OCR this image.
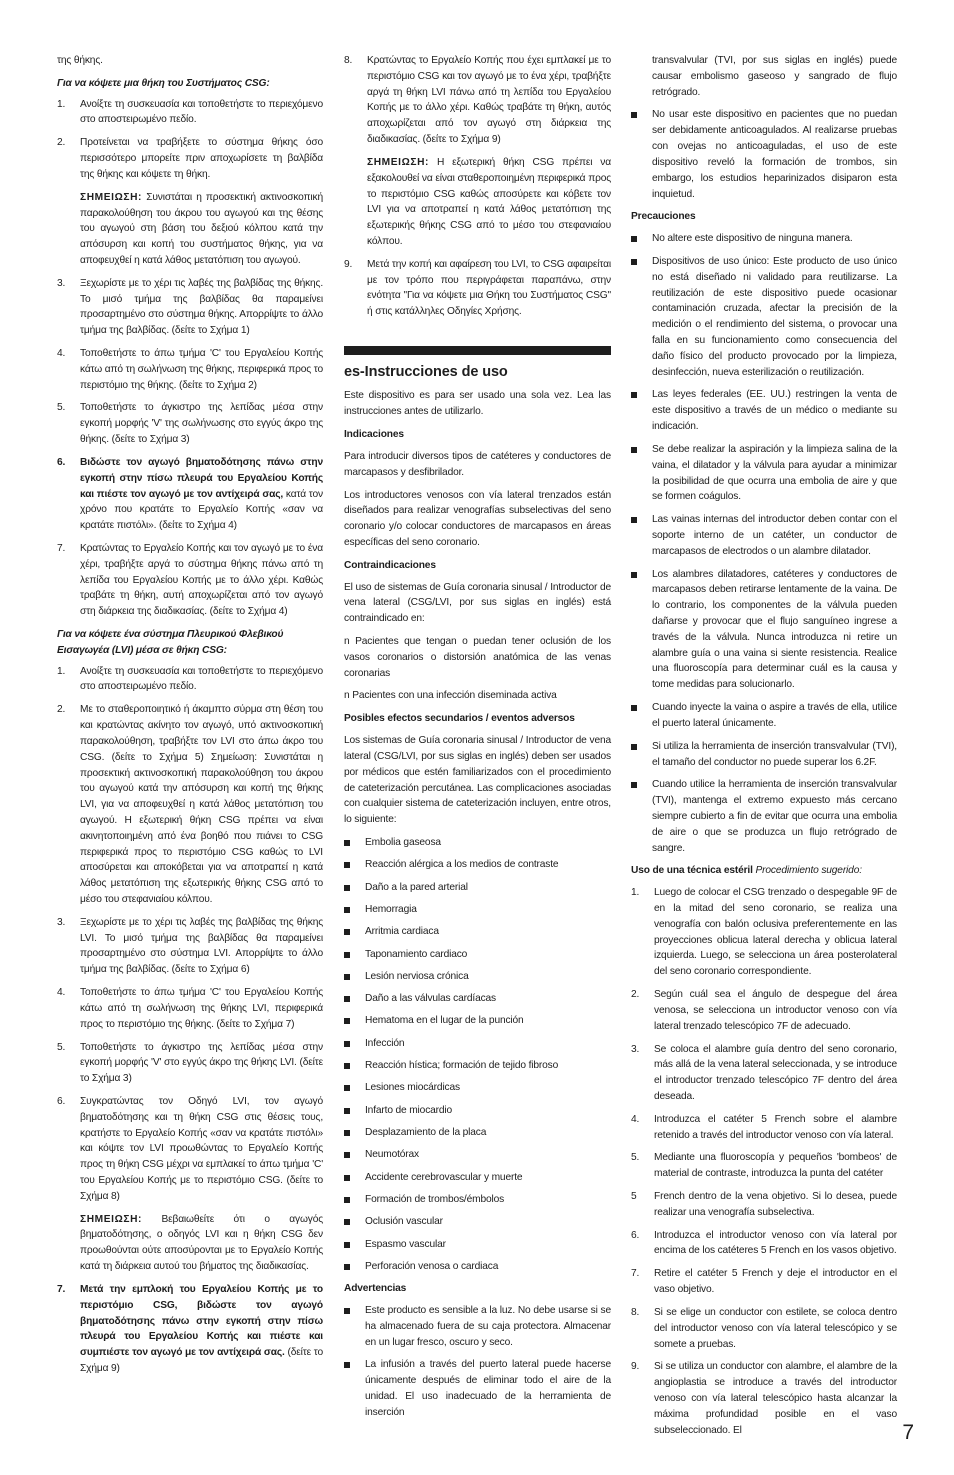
της θήκης.

Για να κόψετε μια θήκη του Συστήματος CSG:

1. Ανοίξτε τη συσκευασία και τοποθετήστε το περιεχόμενο στο αποστειρωμένο πεδίο.
2. Προτείνεται να τραβήξετε το σύστημα θήκης όσο περισσότερο μπορείτε πριν αποχωρίσετε τη βαλβίδα της θήκης και κόψετε τη θήκη.
ΣΗΜΕΙΩΣΗ: Συνιστάται η προσεκτική ακτινοσκοπική παρακολούθηση του άκρου του αγωγού και της θέσης του αγωγού στη βάση του δεξιού κόλπου κατά την απόσυρση και κοπή του συστήματος θήκης, για να αποφευχθεί η κατά λάθος μετατόπιση του αγωγού.
3. Ξεχωρίστε με το χέρι τις λαβές της βαλβίδας της θήκης. Το μισό τμήμα της βαλβίδας θα παραμείνει προσαρτημένο στο σύστημα θήκης. Απορρίψτε το άλλο τμήμα της βαλβίδας. (δείτε το Σχήμα 1)
4. Τοποθετήστε το άπω τμήμα 'C' του Εργαλείου Κοπής κάτω από τη σωλήνωση της θήκης, περιφερικά προς το περιστόμιο της θήκης. (δείτε το Σχήμα 2)
5. Τοποθετήστε το άγκιστρο της λεπίδας μέσα στην εγκοπή μορφής 'V' της σωλήνωσης στο εγγύς άκρο της θήκης. (δείτε το Σχήμα 3)
6. Βιδώστε τον αγωγό βηματοδότησης πάνω στην εγκοπή στην πίσω πλευρά του Εργαλείου Κοπής και πιέστε τον αγωγό με τον αντίχειρά σας, κατά τον χρόνο που κρατάτε το Εργαλείο Κοπής «σαν να κρατάτε πιστόλι». (δείτε το Σχήμα 4)
7. Κρατώντας το Εργαλείο Κοπής και τον αγωγό με το ένα χέρι, τραβήξτε αργά το σύστημα θήκης πάνω από τη λεπίδα του Εργαλείου Κοπής με το άλλο χέρι. Καθώς τραβάτε τη θήκη, αυτή αποχωρίζεται από τον αγωγό στη διάρκεια της διαδικασίας. (δείτε το Σχήμα 4)

Για να κόψετε ένα σύστημα Πλευρικού Φλεβικού Εισαγωγέα (LVI) μέσα σε θήκη CSG:

1. Ανοίξτε τη συσκευασία και τοποθετήστε το περιεχόμενο στο αποστειρωμένο πεδίο.
2. Με το σταθεροποιητικό ή άκαμπτο σύρμα στη θέση του και κρατώντας ακίνητο τον αγωγό, υπό ακτινοσκοπική παρακολούθηση, τραβήξτε τον LVI στο άπω άκρο του CSG. (δείτε το Σχήμα 5) Σημείωση: Συνιστάται η προσεκτική ακτινοσκοπική παρακολούθηση του άκρου του αγωγού κατά την απόσυρση και κοπή της θήκης LVI, για να αποφευχθεί η κατά λάθος μετατόπιση του αγωγού. Η εξωτερική θήκη CSG πρέπει να είναι ακινητοποιημένη από ένα βοηθό που πιάνει το CSG περιφερικά προς το περιστόμιο CSG καθώς το LVI αποσύρεται και αποκόβεται για να αποτραπεί η κατά λάθος μετατόπιση της εξωτερικής θήκης CSG από το μέσο του στεφανιαίου κόλπου.
3. Ξεχωρίστε με το χέρι τις λαβές της βαλβίδας της θήκης LVI. Το μισό τμήμα της βαλβίδας θα παραμείνει προσαρτημένο στο σύστημα LVI. Απορρίψτε το άλλο τμήμα της βαλβίδας. (δείτε το Σχήμα 6)
4. Τοποθετήστε το άπω τμήμα 'C' του Εργαλείου Κοπής κάτω από τη σωλήνωση της θήκης LVI, περιφερικά προς το περιστόμιο της θήκης. (δείτε το Σχήμα 7)
5. Τοποθετήστε το άγκιστρο της λεπίδας μέσα στην εγκοπή μορφής 'V' στο εγγύς άκρο της θήκης LVI. (δείτε το Σχήμα 3)
6. Συγκρατώντας τον Οδηγό LVI, τον αγωγό βηματοδότησης και τη θήκη CSG στις θέσεις τους, κρατήστε το Εργαλείο Κοπής «σαν να κρατάτε πιστόλι» και κόψτε τον LVI προωθώντας το Εργαλείο Κοπής προς τη θήκη CSG μέχρι να εμπλακεί το άπω τμήμα 'C' του Εργαλείου Κοπής με το περιστόμιο CSG. (δείτε το Σχήμα 8)
ΣΗΜΕΙΩΣΗ: Βεβαιωθείτε ότι ο αγωγός βηματοδότησης, ο οδηγός LVI και η θήκη CSG δεν προωθούνται ούτε αποσύρονται με το Εργαλείο Κοπής κατά τη διάρκεια αυτού του βήματος της διαδικασίας.
7. Μετά την εμπλοκή του Εργαλείου Κοπής με το περιστόμιο CSG, βιδώστε τον αγωγό βηματοδότησης πάνω στην εγκοπή στην πίσω πλευρά του Εργαλείου Κοπής και πιέστε και συμπιέστε τον αγωγό με τον αντίχειρά σας. (δείτε το Σχήμα 9)
8. Κρατώντας το Εργαλείο Κοπής που έχει εμπλακεί με το περιστόμιο CSG και τον αγωγό με το ένα χέρι, τραβήξτε αργά τη θήκη LVI πάνω από τη λεπίδα του Εργαλείου Κοπής με το άλλο χέρι. Καθώς τραβάτε τη θήκη, αυτός αποχωρίζεται από τον αγωγό στη διάρκεια της διαδικασίας. (δείτε το Σχήμα 9)
ΣΗΜΕΙΩΣΗ: Η εξωτερική θήκη CSG πρέπει να εξακολουθεί να είναι σταθεροποιημένη περιφερικά προς το περιστόμιο CSG καθώς αποσύρετε και κόβετε τον LVI για να αποτραπεί η κατά λάθος μετατόπιση της εξωτερικής θήκης CSG από το μέσο του στεφανιαίου κόλπου.
9. Μετά την κοπή και αφαίρεση του LVI, το CSG αφαιρείται με τον τρόπο που περιγράφεται παραπάνω, στην ενότητα "Για να κόψετε μια Θήκη του Συστήματος CSG" ή στις κατάλληλες Οδηγίες Χρήσης.
es-Instrucciones de uso

Este dispositivo es para ser usado una sola vez. Lea las instrucciones antes de utilizarlo.

Indicaciones

Para introducir diversos tipos de catéteres y conductores de marcapasos y desfibrilador.

Los introductores venosos con vía lateral trenzados están diseñados para realizar venografías subselectivas del seno coronario y/o colocar conductores de marcapasos en áreas específicas del seno coronario.

Contraindicaciones

El uso de sistemas de Guía coronaria sinusal / Introductor de vena lateral (CSG/LVI, por sus siglas en inglés) está contraindicado en:

n Pacientes que tengan o puedan tener oclusión de los vasos coronarios o distorsión anatómica de las venas coronarias

n Pacientes con una infección diseminada activa

Posibles efectos secundarios / eventos adversos

Los sistemas de Guía coronaria sinusal / Introductor de vena lateral (CSG/LVI, por sus siglas en inglés) deben ser usados por médicos que estén familiarizados con el procedimiento de cateterización percutánea. Las complicaciones asociadas con cualquier sistema de cateterización incluyen, entre otros, lo siguiente:

Embolia gaseosa
Reacción alérgica a los medios de contraste
Daño a la pared arterial
Hemorragia
Arritmia cardiaca
Taponamiento cardiaco
Lesión nerviosa crónica
Daño a las válvulas cardíacas
Hematoma en el lugar de la punción
Infección
Reacción hística; formación de tejido fibroso
Lesiones miocárdicas
Infarto de miocardio
Desplazamiento de la placa
Neumotórax
Accidente cerebrovascular y muerte
Formación de trombos/émbolos
Oclusión vascular
Espasmo vascular
Perforación venosa o cardiaca

Advertencias

Este producto es sensible a la luz. No debe usarse si se ha almacenado fuera de su caja protectora. Almacenar en un lugar fresco, oscuro y seco.
La infusión a través del puerto lateral puede hacerse únicamente después de eliminar todo el aire de la unidad. El uso inadecuado de la herramienta de inserción
transvalvular (TVI, por sus siglas en inglés) puede causar embolismo gaseoso y sangrado de flujo retrógrado.
No usar este dispositivo en pacientes que no puedan ser debidamente anticoagulados. Al realizarse pruebas con ovejas no anticoaguladas, el uso de este dispositivo reveló la formación de trombos, sin embargo, los estudios heparinizados disiparon esta inquietud.

Precauciones

No altere este dispositivo de ninguna manera.
Dispositivos de uso único: Este producto de uso único no está diseñado ni validado para reutilizarse. La reutilización de este dispositivo puede ocasionar contaminación cruzada, afectar la precisión de la medición o el rendimiento del sistema, o provocar una falla en su funcionamiento como consecuencia del daño físico del producto provocado por la limpieza, desinfección, nueva esterilización o reutilización.
Las leyes federales (EE. UU.) restringen la venta de este dispositivo a través de un médico o mediante su indicación.
Se debe realizar la aspiración y la limpieza salina de la vaina, el dilatador y la válvula para ayudar a minimizar la posibilidad de que ocurra una embolia de aire y que se formen coágulos.
Las vainas internas del introductor deben contar con el soporte interno de un catéter, un conductor de marcapasos de electrodos o un alambre dilatador.
Los alambres dilatadores, catéteres y conductores de marcapasos deben retirarse lentamente de la vaina. De lo contrario, los componentes de la válvula pueden dañarse y provocar que el flujo sanguíneo ingrese a través de la válvula. Nunca introduzca ni retire un alambre guía o una vaina si siente resistencia. Realice una fluoroscopía para determinar cuál es la causa y tome medidas para solucionarlo.
Cuando inyecte la vaina o aspire a través de ella, utilice el puerto lateral únicamente.
Si utiliza la herramienta de inserción transvalvular (TVI), el tamaño del conductor no puede superar los 6.2F.
Cuando utilice la herramienta de inserción transvalvular (TVI), mantenga el extremo expuesto más cercano siempre cubierto a fin de evitar que ocurra una embolia de aire o que se produzca un flujo retrógrado de sangre.

Uso de una técnica estéril Procedimiento sugerido:

1. Luego de colocar el CSG trenzado o despegable 9F de en la mitad del seno coronario, se realiza una venografía con balón oclusiva preferentemente en las proyecciones oblicua lateral derecha y oblicua lateral izquierda. Luego, se selecciona un área posterolateral del seno coronario correspondiente.
2. Según cuál sea el ángulo de despegue del área venosa, se selecciona un introductor venoso con vía lateral trenzado telescópico 7F de adecuado.
3. Se coloca el alambre guía dentro del seno coronario, más allá de la vena lateral seleccionada, y se introduce el introductor trenzado telescópico 7F dentro del área deseada.
4. Introduzca el catéter 5 French sobre el alambre retenido a través del introductor venoso con vía lateral.
5. Mediante una fluoroscopía y pequeños 'bombeos' de material de contraste, introduzca la punta del catéter
5 French dentro de la vena objetivo. Si lo desea, puede realizar una venografía subselectiva.
6. Introduzca el introductor venoso con vía lateral por encima de los catéteres 5 French en los vasos objetivo.
7. Retire el catéter 5 French y deje el introductor en el vaso objetivo.
8. Si se elige un conductor con estilete, se coloca dentro del introductor venoso con vía lateral telescópico y se somete a pruebas.
9. Si se utiliza un conductor con alambre, el alambre de la angioplastia se introduce a través del introductor venoso con vía lateral telescópico hasta alcanzar la máxima profundidad posible en el vaso subseleccionado. El	7
